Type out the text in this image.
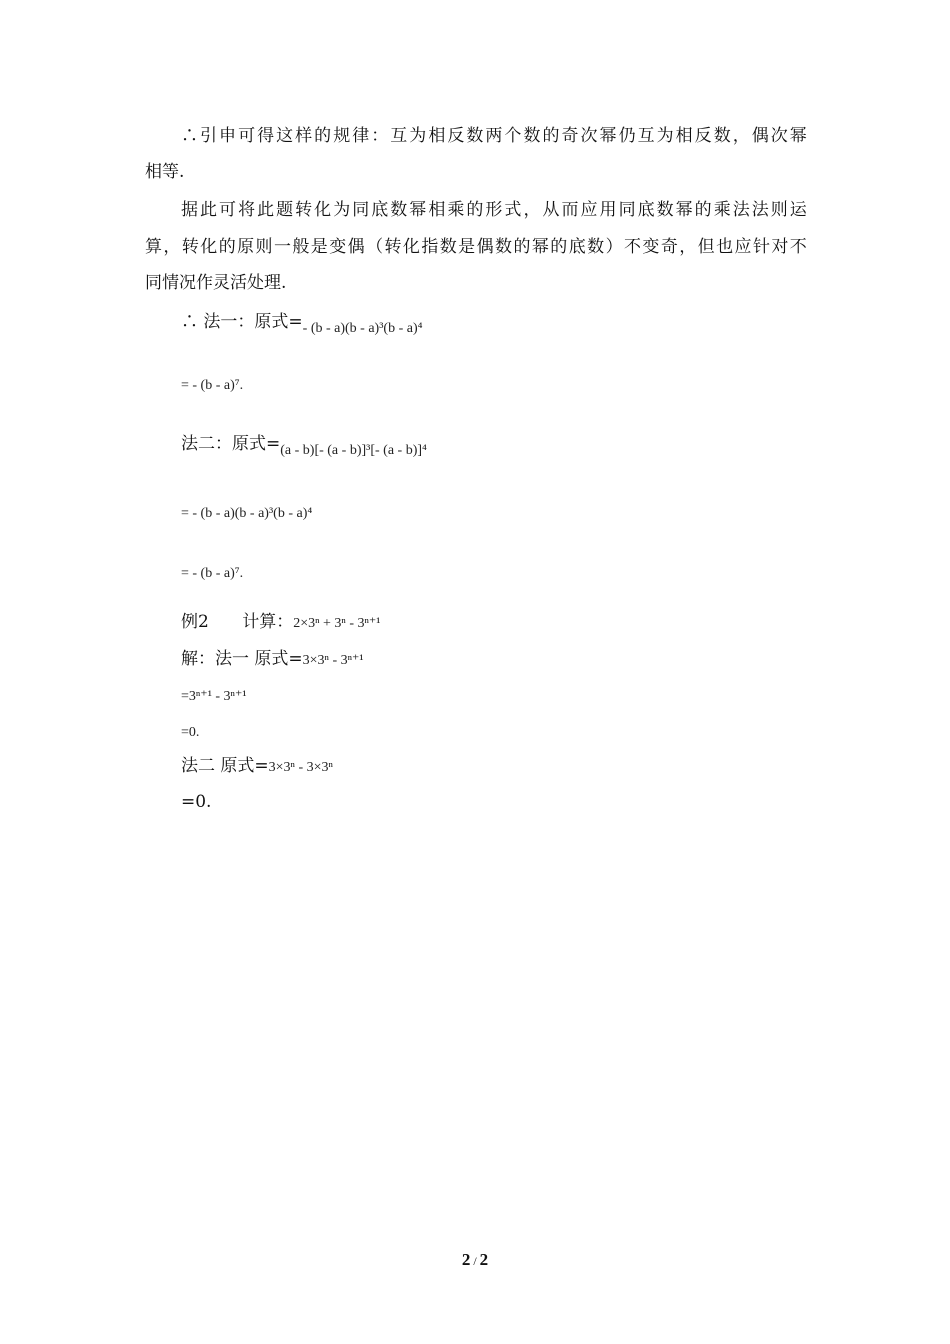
∴引申可得这样的规律：互为相反数两个数的奇次幂仍互为相反数，偶次幂
相等.
据此可将此题转化为同底数幂相乘的形式，从而应用同底数幂的乘法法则运
算，转化的原则一般是变偶（转化指数是偶数的幂的底数）不变奇，但也应针对不
同情况作灵活处理.
∴ 法一：原式$=_{- (b - a)(b - a)^3(b - a)^4}$
= - (b - a)⁷.
法二：原式$=_{(a - b)[- (a - b)]^3[- (a - b)]^4}$
$_{= - (b - a)(b - a)^3(b - a)^4}$
$_{= - (b - a)^7.}$
例2 计算：2×3ⁿ + 3ⁿ - 3ⁿ⁺¹
解：法一 原式=3×3ⁿ - 3ⁿ⁺¹
=3ⁿ⁺¹ - 3ⁿ⁺¹
=0.
法二 原式=3×3ⁿ - 3×3ⁿ
=0.
2 / 2
